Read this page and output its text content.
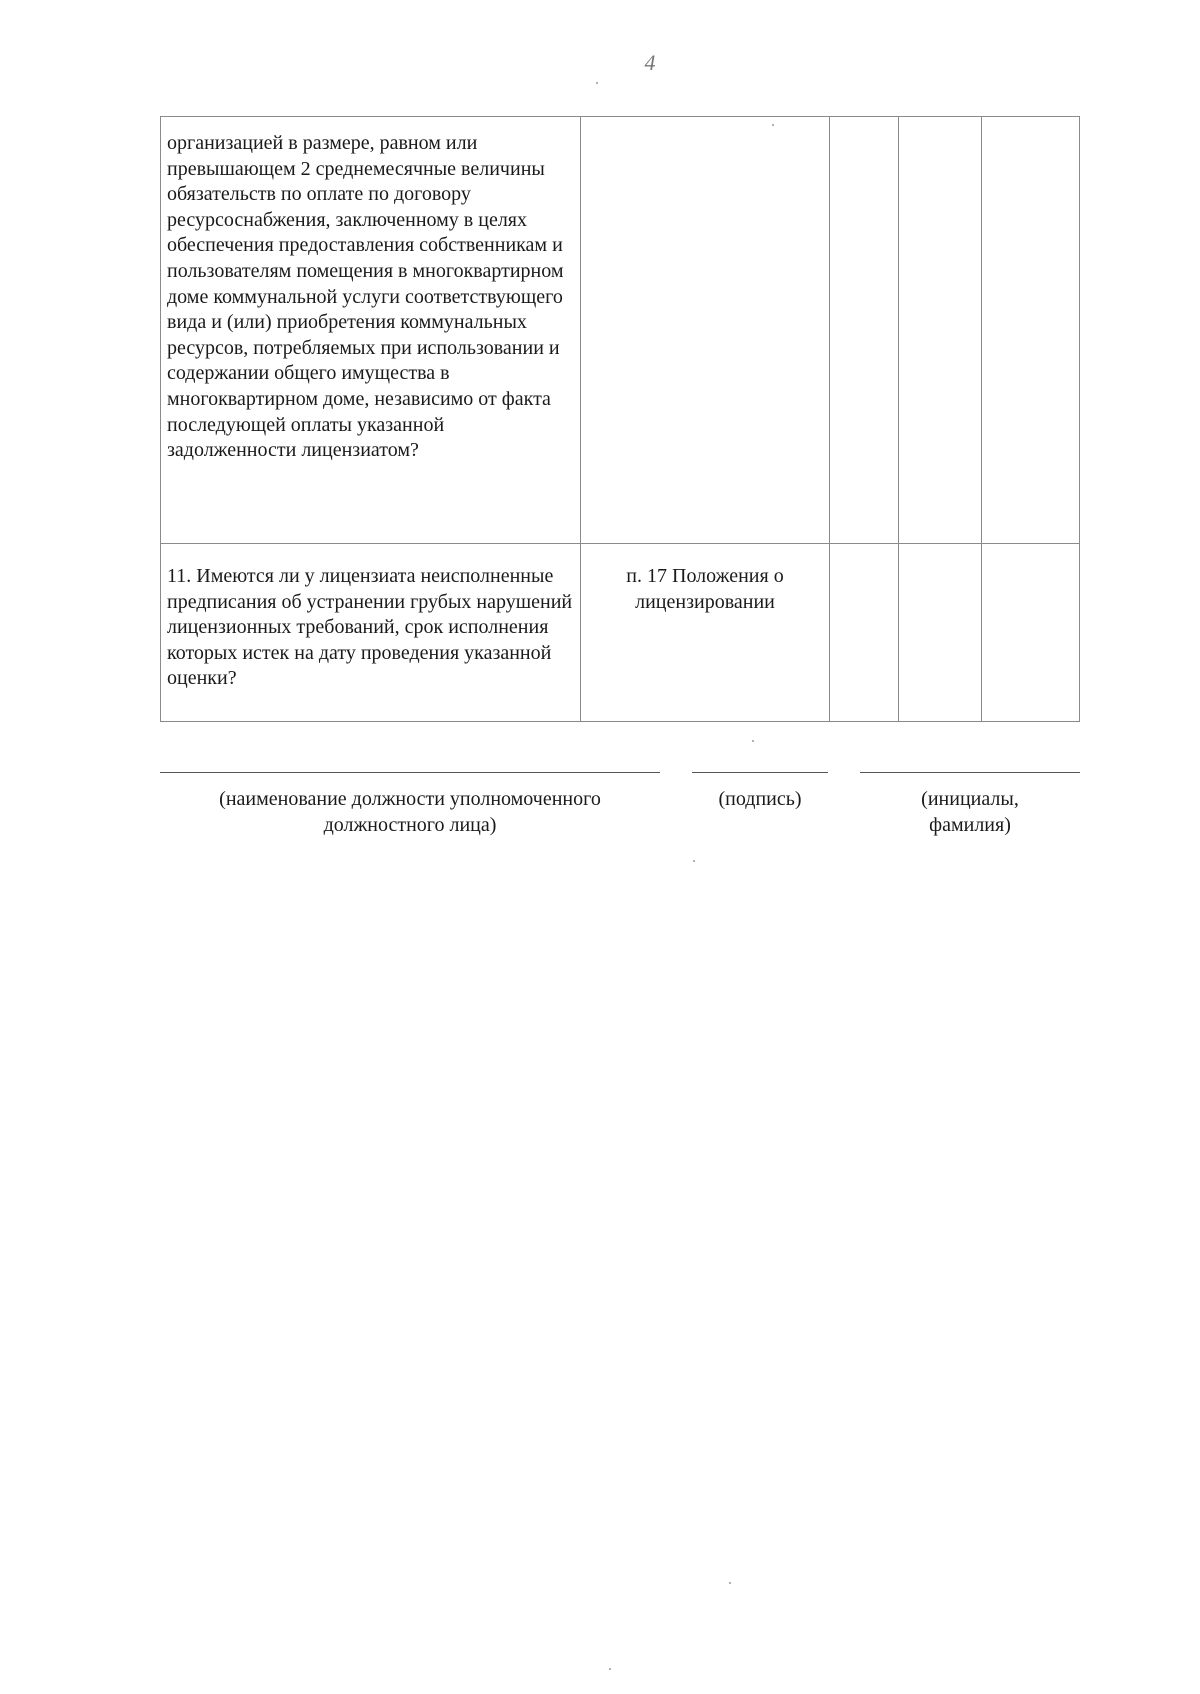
4
организацией в размере, равном или превышающем 2 среднемесячные величины обязательств по оплате по договору ресурсоснабжения, заключенному в целях обеспечения предоставления собственникам и пользователям помещения в многоквартирном доме коммунальной услуги соответствующего вида и (или) приобретения коммунальных ресурсов, потребляемых при использовании и содержании общего имущества в многоквартирном доме, независимо от факта последующей оплаты указанной задолженности лицензиатом?				
11. Имеются ли у лицензиата неисполненные предписания об устранении грубых нарушений лицензионных требований, срок исполнения которых истек на дату проведения указанной оценки?	п. 17 Положения о лицензировании			
(наименование должности уполномоченного
должностного лица)
(подпись)	(инициалы,
фамилия)
